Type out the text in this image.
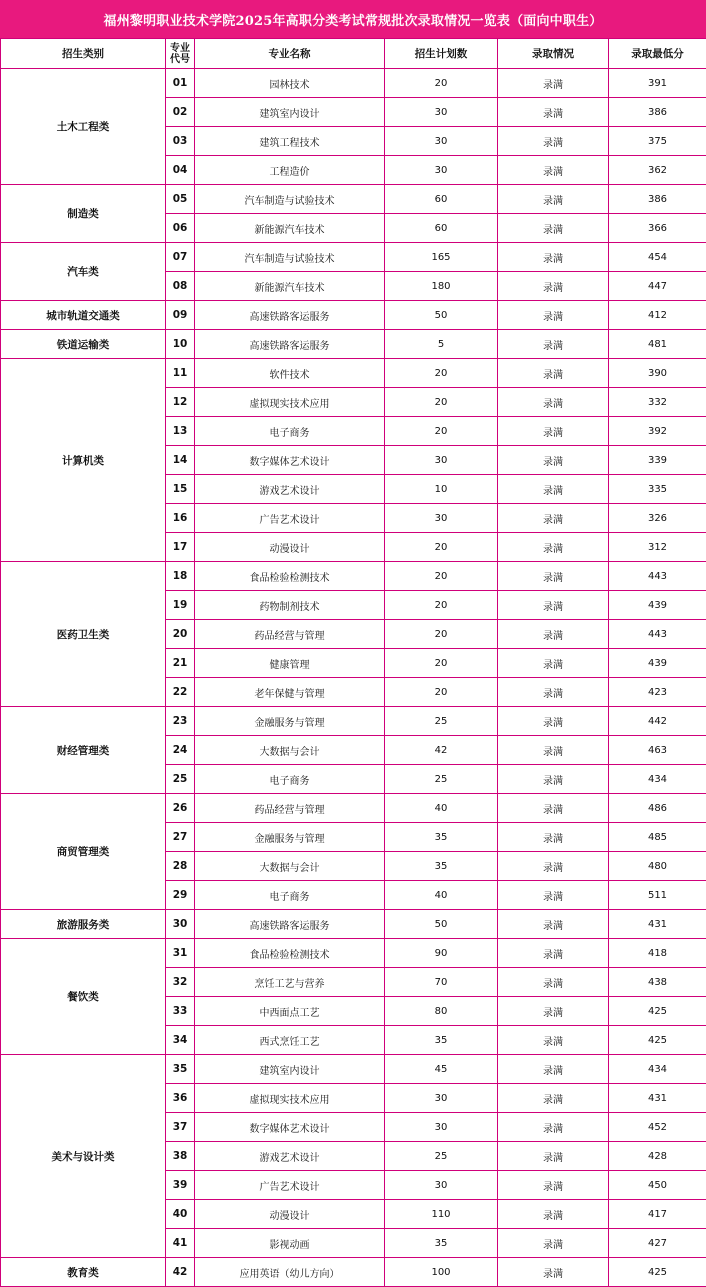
福州黎明职业技术学院2025年高职分类考试常规批次录取情况一览表（面向中职生）
招生类别	专业代号	专业名称	招生计划数	录取情况	录取最低分
土木工程类	01	园林技术	20	录满	391
	02	建筑室内设计	30	录满	386
	03	建筑工程技术	30	录满	375
	04	工程造价	30	录满	362
制造类	05	汽车制造与试验技术	60	录满	386
	06	新能源汽车技术	60	录满	366
汽车类	07	汽车制造与试验技术	165	录满	454
	08	新能源汽车技术	180	录满	447
城市轨道交通类	09	高速铁路客运服务	50	录满	412
铁道运输类	10	高速铁路客运服务	5	录满	481
计算机类	11	软件技术	20	录满	390
	12	虚拟现实技术应用	20	录满	332
	13	电子商务	20	录满	392
	14	数字媒体艺术设计	30	录满	339
	15	游戏艺术设计	10	录满	335
	16	广告艺术设计	30	录满	326
	17	动漫设计	20	录满	312
医药卫生类	18	食品检验检测技术	20	录满	443
	19	药物制剂技术	20	录满	439
	20	药品经营与管理	20	录满	443
	21	健康管理	20	录满	439
	22	老年保健与管理	20	录满	423
财经管理类	23	金融服务与管理	25	录满	442
	24	大数据与会计	42	录满	463
	25	电子商务	25	录满	434
商贸管理类	26	药品经营与管理	40	录满	486
	27	金融服务与管理	35	录满	485
	28	大数据与会计	35	录满	480
	29	电子商务	40	录满	511
旅游服务类	30	高速铁路客运服务	50	录满	431
餐饮类	31	食品检验检测技术	90	录满	418
	32	烹饪工艺与营养	70	录满	438
	33	中西面点工艺	80	录满	425
	34	西式烹饪工艺	35	录满	425
美术与设计类	35	建筑室内设计	45	录满	434
	36	虚拟现实技术应用	30	录满	431
	37	数字媒体艺术设计	30	录满	452
	38	游戏艺术设计	25	录满	428
	39	广告艺术设计	30	录满	450
	40	动漫设计	110	录满	417
	41	影视动画	35	录满	427
教育类	42	应用英语（幼儿方向）	100	录满	425
